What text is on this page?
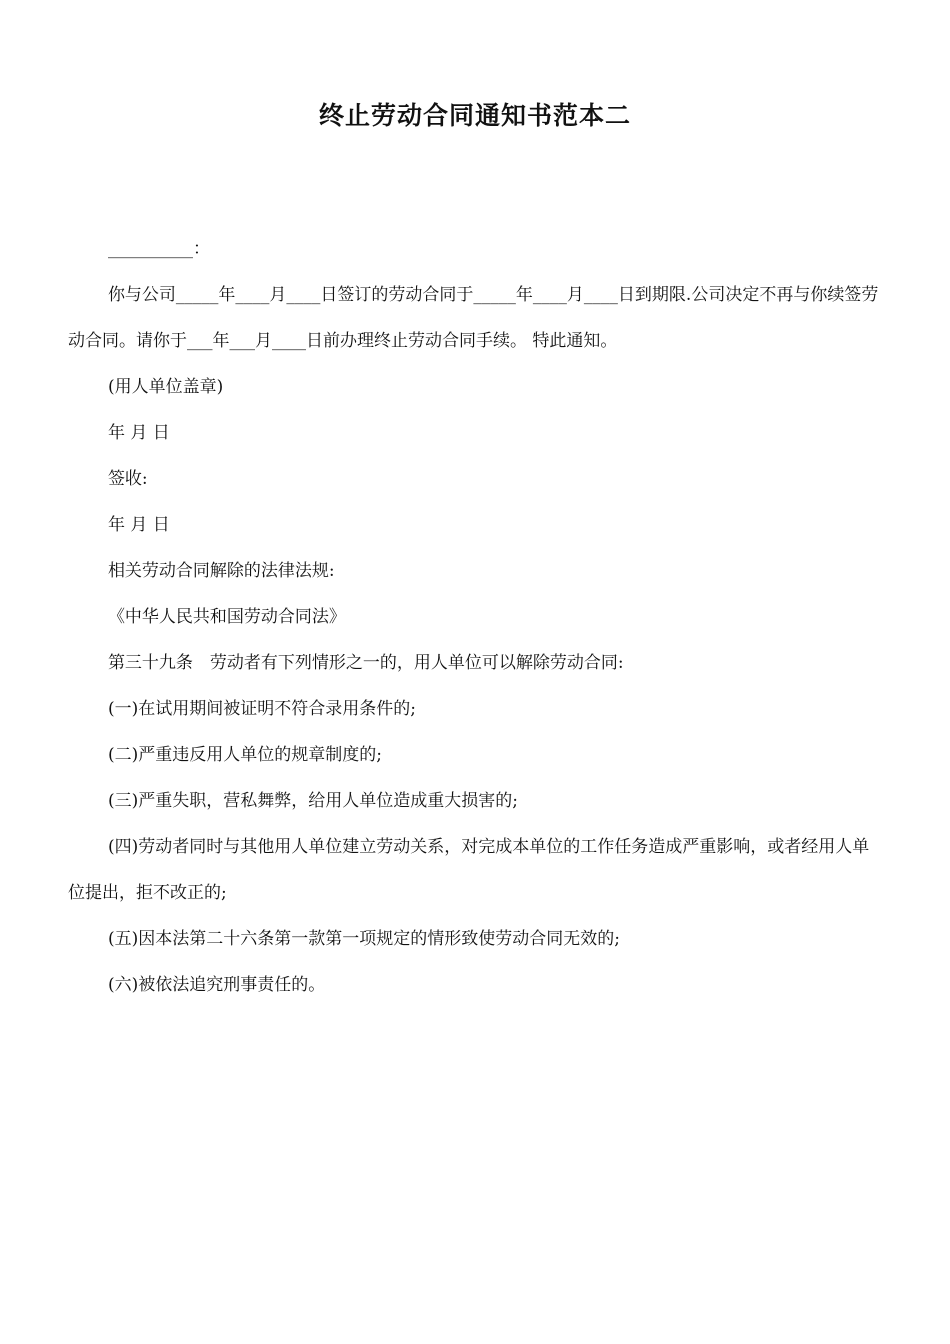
终止劳动合同通知书范本二

__________：

你与公司_____年____月____日签订的劳动合同于_____年____月____日到期限.公司决定不再与你续签劳动合同。请你于___年___月____日前办理终止劳动合同手续。 特此通知。

(用人单位盖章)

年 月 日

签收:

年 月 日

相关劳动合同解除的法律法规:

《中华人民共和国劳动合同法》

第三十九条　劳动者有下列情形之一的，用人单位可以解除劳动合同:

(一)在试用期间被证明不符合录用条件的;

(二)严重违反用人单位的规章制度的;

(三)严重失职，营私舞弊，给用人单位造成重大损害的;

(四)劳动者同时与其他用人单位建立劳动关系，对完成本单位的工作任务造成严重影响，或者经用人单位提出，拒不改正的;

(五)因本法第二十六条第一款第一项规定的情形致使劳动合同无效的;

(六)被依法追究刑事责任的。
